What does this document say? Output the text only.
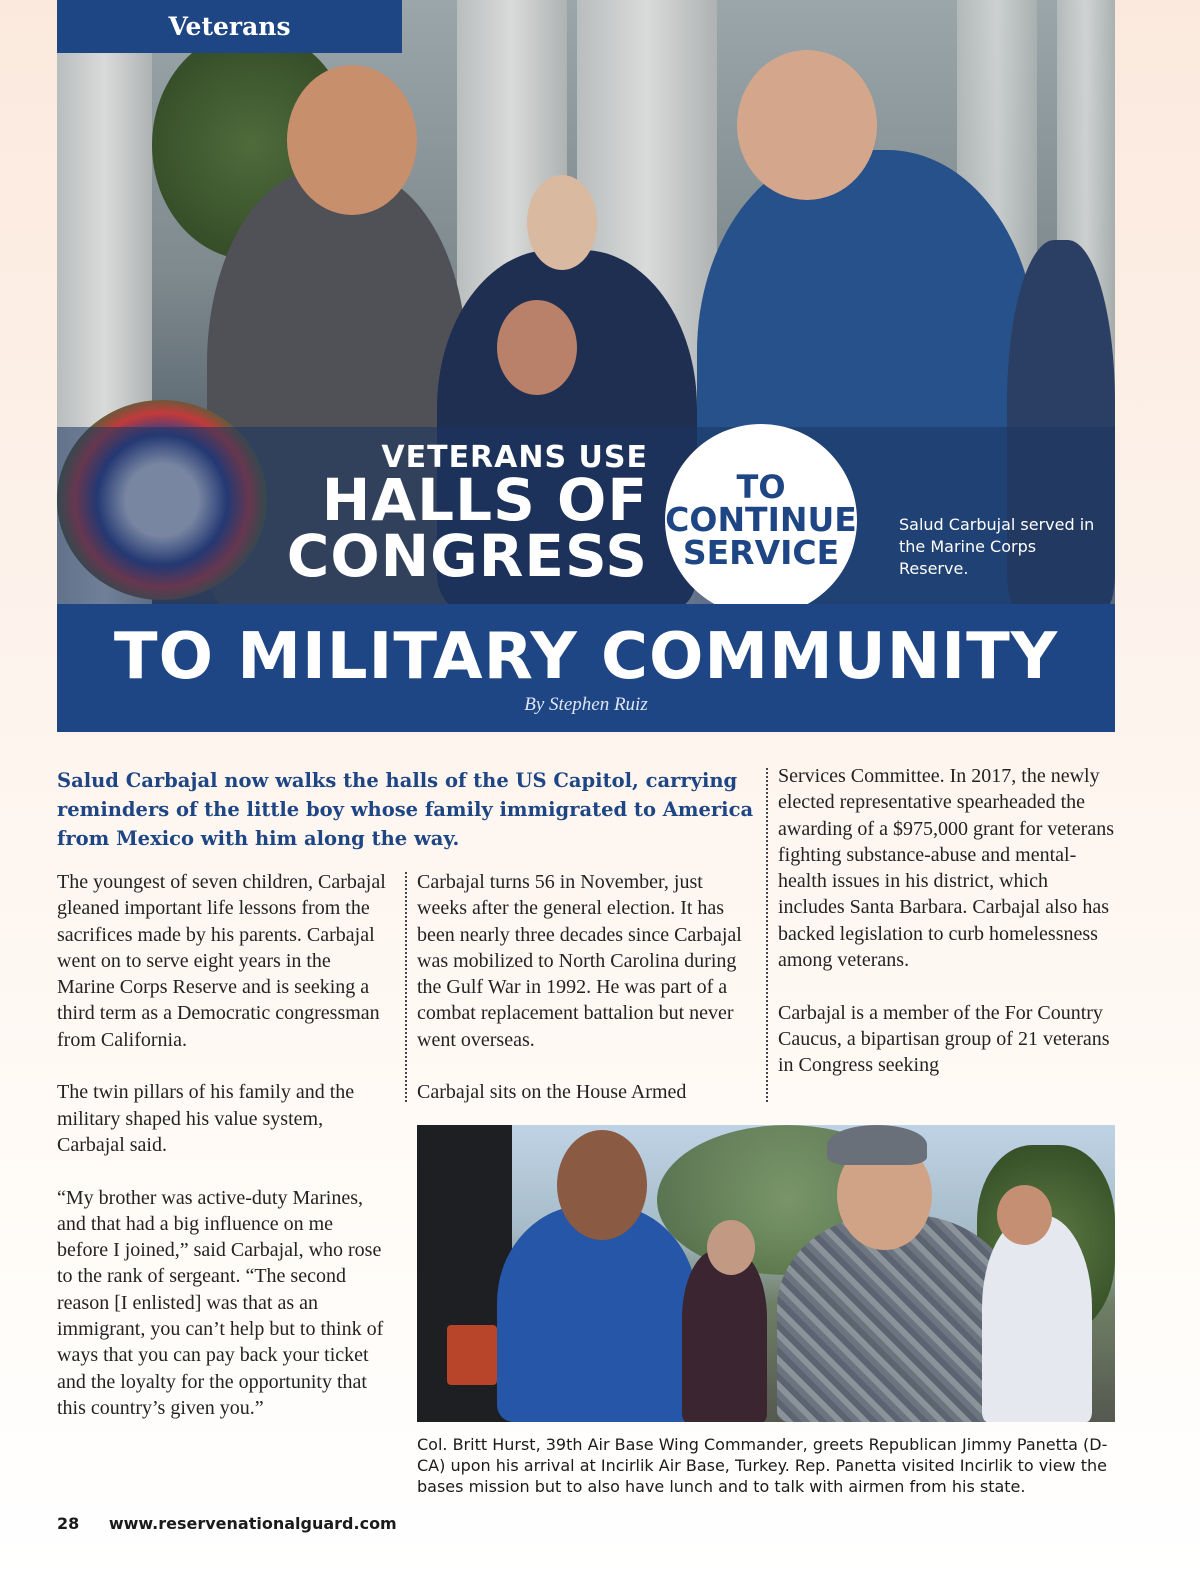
Veterans
VETERANS USE
HALLS OF
CONGRESS
TO
CONTINUE
SERVICE
Salud Carbujal served in the Marine Corps Reserve.
TO MILITARY COMMUNITY
By Stephen Ruiz
Salud Carbajal now walks the halls of the US Capitol, carrying reminders of the little boy whose family immigrated to America from Mexico with him along the way.

The youngest of seven children, Carbajal gleaned important life lessons from the sacrifices made by his parents. Carbajal went on to serve eight years in the Marine Corps Reserve and is seeking a third term as a Democratic congressman from California.

The twin pillars of his family and the military shaped his value system, Carbajal said.

“My brother was active-duty Marines, and that had a big influence on me before I joined,” said Carbajal, who rose to the rank of sergeant. “The second reason [I enlisted] was that as an immigrant, you can’t help but to think of ways that you can pay back your ticket and the loyalty for the opportunity that this country’s given you.”

Carbajal turns 56 in November, just weeks after the general election. It has been nearly three decades since Carbajal was mobilized to North Carolina during the Gulf War in 1992. He was part of a combat replacement battalion but never went overseas.

Carbajal sits on the House Armed

Services Committee. In 2017, the newly elected representative spearheaded the awarding of a $975,000 grant for veterans fighting substance-abuse and mental-health issues in his district, which includes Santa Barbara. Carbajal also has backed legislation to curb homelessness among veterans.

Carbajal is a member of the For Country Caucus, a bipartisan group of 21 veterans in Congress seeking

Col. Britt Hurst, 39th Air Base Wing Commander, greets Republican Jimmy Panetta (D-CA) upon his arrival at Incirlik Air Base, Turkey. Rep. Panetta visited Incirlik to view the bases mission but to also have lunch and to talk with airmen from his state.
28 www.reservenationalguard.com
